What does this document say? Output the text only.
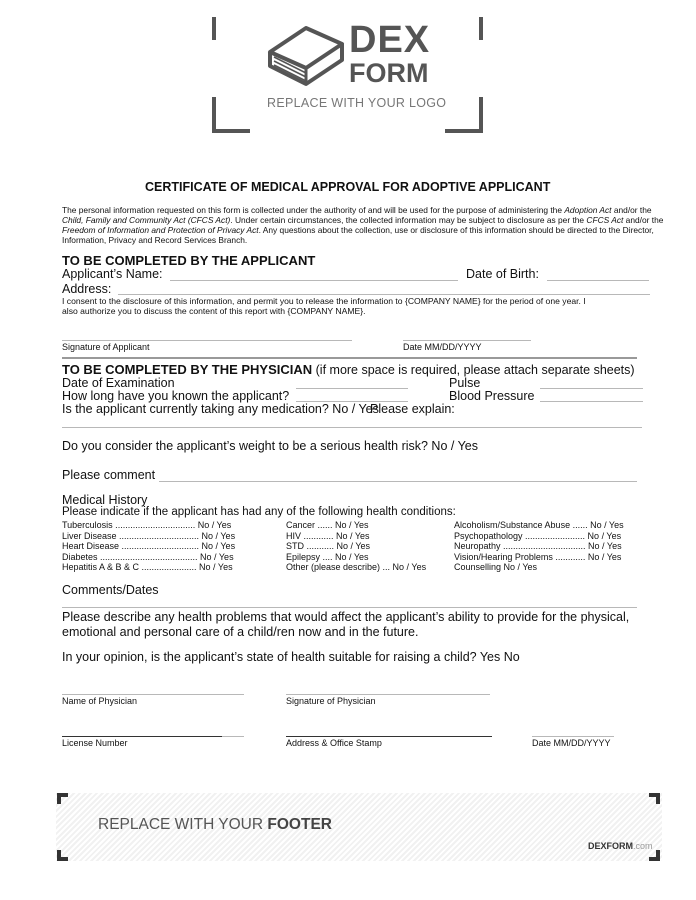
DEX
FORM
REPLACE WITH YOUR LOGO
CERTIFICATE OF MEDICAL APPROVAL FOR ADOPTIVE APPLICANT
The personal information requested on this form is collected under the authority of and will be used for the purpose of administering the Adoption Act and/or the
Child, Family and Community Act (CFCS Act). Under certain circumstances, the collected information may be subject to disclosure as per the CFCS Act and/or the
Freedom of Information and Protection of Privacy Act. Any questions about the collection, use or disclosure of this information should be directed to the Director,
Information, Privacy and Record Services Branch.
TO BE COMPLETED BY THE APPLICANT
Applicant’s Name:	Date of Birth:
Address:
I consent to the disclosure of this information, and permit you to release the information to {COMPANY NAME} for the period of one year. I
also authorize you to discuss the content of this report with {COMPANY NAME}.
Signature of Applicant	Date MM/DD/YYYY
TO BE COMPLETED BY THE PHYSICIAN (if more space is required, please attach separate sheets)
Date of Examination	Pulse
How long have you known the applicant?	Blood Pressure
Is the applicant currently taking any medication? No / Yes
Please explain:
Do you consider the applicant’s weight to be a serious health risk? No / Yes
Please comment
Medical History
Please indicate if the applicant has had any of the following health conditions:
Tuberculosis ................................ No / Yes
Liver Disease ................................ No / Yes
Heart Disease ............................... No / Yes
Diabetes ....................................... No / Yes
Hepatitis A & B & C ...................... No / Yes
Cancer ...... No / Yes
HIV ............ No / Yes
STD ........... No / Yes
Epilepsy .... No / Yes
Other (please describe) ... No / Yes
Alcoholism/Substance Abuse ...... No / Yes
Psychopathology ........................ No / Yes
Neuropathy ................................. No / Yes
Vision/Hearing Problems ............ No / Yes
Counselling No / Yes
Comments/Dates
Please describe any health problems that would affect the applicant’s ability to provide for the physical,
emotional and personal care of a child/ren now and in the future.
In your opinion, is the applicant’s state of health suitable for raising a child? Yes No
Name of Physician	Signature of Physician
License Number	Address & Office Stamp	Date MM/DD/YYYY
REPLACE WITH YOUR FOOTER
DEXFORM.com
